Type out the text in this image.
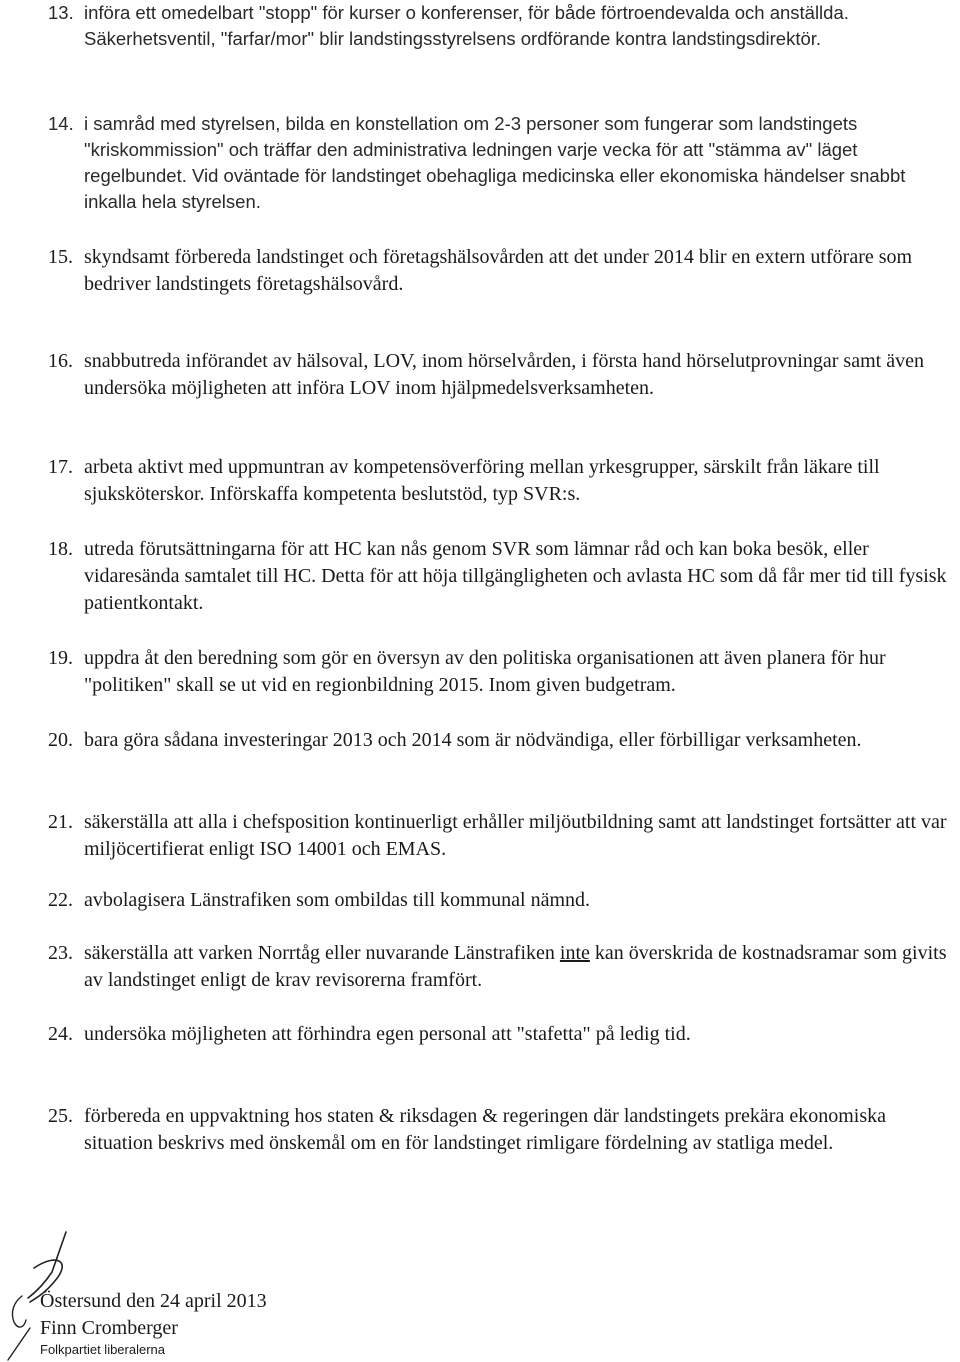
13. införa ett omedelbart "stopp" för kurser o konferenser, för både förtroendevalda och anställda. Säkerhetsventil, "farfar/mor" blir landstingsstyrelsens ordförande kontra landstingsdirektör.
14. i samråd med styrelsen, bilda en konstellation om 2-3 personer som fungerar som landstingets "kriskommission" och träffar den administrativa ledningen varje vecka för att "stämma av" läget regelbundet. Vid oväntade för landstinget obehagliga medicinska eller ekonomiska händelser snabbt inkalla hela styrelsen.
15. skyndsamt förbereda landstinget och företagshälsovården att det under 2014 blir en extern utförare som bedriver landstingets företagshälsovård.
16. snabbutreda införandet av hälsoval, LOV, inom hörselvården, i första hand hörselutprovningar samt även undersöka möjligheten att införa LOV inom hjälpmedelsverksamheten.
17. arbeta aktivt med uppmuntran av kompetensöverföring mellan yrkesgrupper, särskilt från läkare till sjuksköterskor. Införskaffa kompetenta beslutstöd, typ SVR:s.
18. utreda förutsättningarna för att HC kan nås genom SVR som lämnar råd och kan boka besök, eller vidaresända samtalet till HC. Detta för att höja tillgängligheten och avlasta HC som då får mer tid till fysisk patientkontakt.
19. uppdra åt den beredning som gör en översyn av den politiska organisationen att även planera för hur "politiken" skall se ut vid en regionbildning 2015. Inom given budgetram.
20. bara göra sådana investeringar 2013 och 2014 som är nödvändiga, eller förbilligar verksamheten.
21. säkerställa att alla i chefsposition kontinuerligt erhåller miljöutbildning samt att landstinget fortsätter att var miljöcertifierat enligt ISO 14001 och EMAS.
22. avbolagisera Länstrafiken som ombildas till kommunal nämnd.
23. säkerställa att varken Norrtåg eller nuvarande Länstrafiken inte kan överskrida de kostnadsramar som givits av landstinget enligt de krav revisorerna framfört.
24. undersöka möjligheten att förhindra egen personal att "stafetta" på ledig tid.
25. förbereda en uppvaktning hos staten & riksdagen & regeringen där landstingets prekära ekonomiska situation beskrivs med önskemål om en för landstinget rimligare fördelning av statliga medel.
Östersund den 24 april 2013
Finn Cromberger
Folkpartiet liberalerna
